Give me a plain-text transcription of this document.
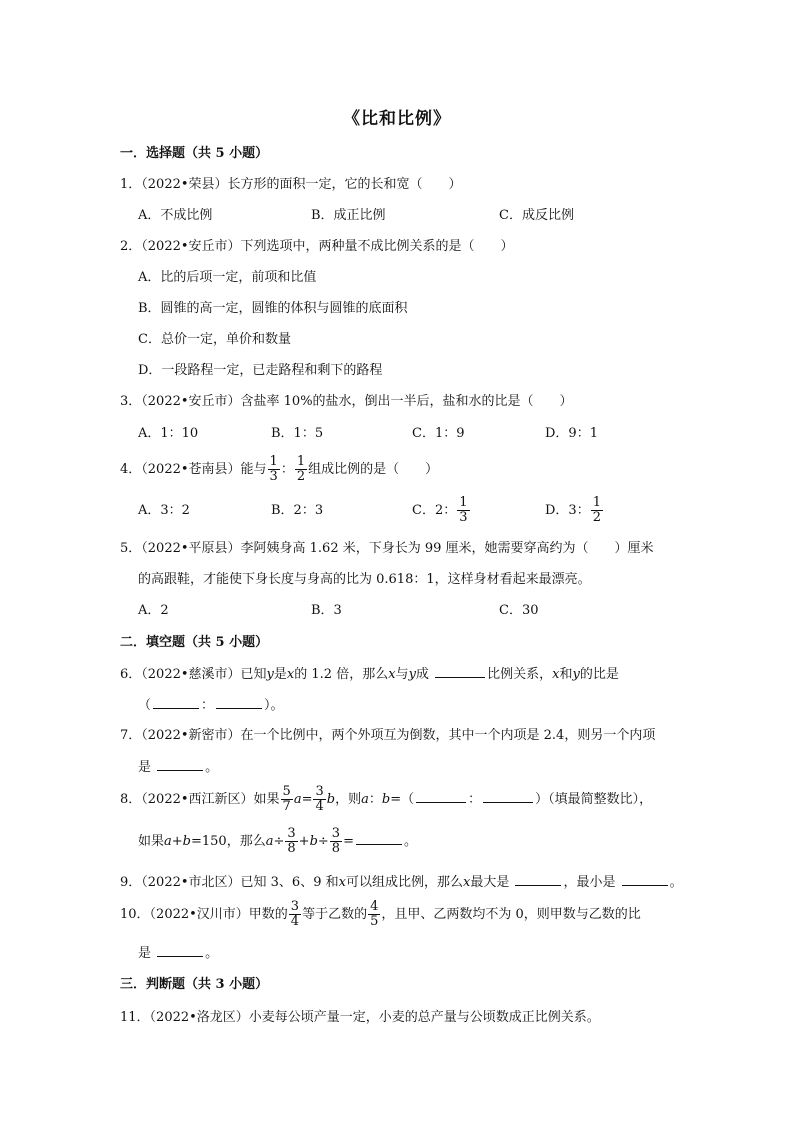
《比和比例》
一．选择题（共 5 小题）
1．（2022•荣县）长方形的面积一定，它的长和宽（　　）
A．不成比例	B．成正比例	C．成反比例
2．（2022•安丘市）下列选项中，两种量不成比例关系的是（　　）
A．比的后项一定，前项和比值
B．圆锥的高一定，圆锥的体积与圆锥的底面积
C．总价一定，单价和数量
D．一段路程一定，已走路程和剩下的路程
3．（2022•安丘市）含盐率 10%的盐水，倒出一半后，盐和水的比是（　　）
A．1：10	B．1：5	C．1：9	D．9：1
4．（2022•苍南县）能与 $\frac{1}{3}$ ： $\frac{1}{2}$ 组成比例的是（　　）
A．3：2	B．2：3	C．2： $\frac{1}{3}$	D．3： $\frac{1}{2}$
5．（2022•平原县）李阿姨身高 1.62 米，下身长为 99 厘米，她需要穿高约为（　　）厘米
的高跟鞋，才能使下身长度与身高的比为 0.618：1，这样身材看起来最漂亮。
A．2	B．3	C．30
二．填空题（共 5 小题）
6．（2022•慈溪市）已知y是x的 1.2 倍，那么x与y成	比例关系，x和y的比是
（	：	）。
7．（2022•新密市）在一个比例中，两个外项互为倒数，其中一个内项是 2.4，则另一个内项
是	。
8．（2022•西江新区）如果 $\frac{5}{7} a= \frac{3}{4}$ b，则a：b=（	：	）（填最简整数比），
如果a+b=150，那么$a\div \frac{3}{8} +b\div \frac{3}{8}$ =	。
9．（2022•市北区）已知 3、6、9 和x可以组成比例，那么x最大是	，最小是	。
10．（2022•汉川市）甲数的 $\frac{3}{4}$ 等于乙数的 $\frac{4}{5}$ ，且甲、乙两数均不为 0，则甲数与乙数的比
是	。
三．判断题（共 3 小题）
11．（2022•洛龙区）小麦每公顷产量一定，小麦的总产量与公顷数成正比例关系。
